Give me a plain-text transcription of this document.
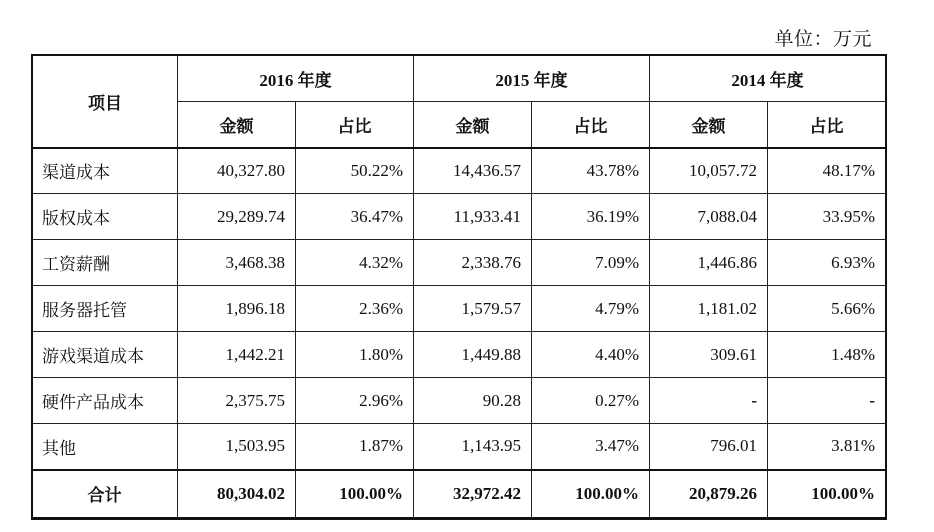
单位：万元
项目	2016 年度		2015 年度		2014 年度	
	金额	占比	金额	占比	金额	占比
渠道成本	40,327.80	50.22%	14,436.57	43.78%	10,057.72	48.17%
版权成本	29,289.74	36.47%	11,933.41	36.19%	7,088.04	33.95%
工资薪酬	3,468.38	4.32%	2,338.76	7.09%	1,446.86	6.93%
服务器托管	1,896.18	2.36%	1,579.57	4.79%	1,181.02	5.66%
游戏渠道成本	1,442.21	1.80%	1,449.88	4.40%	309.61	1.48%
硬件产品成本	2,375.75	2.96%	90.28	0.27%	-	-
其他	1,503.95	1.87%	1,143.95	3.47%	796.01	3.81%
合计	80,304.02	100.00%	32,972.42	100.00%	20,879.26	100.00%
